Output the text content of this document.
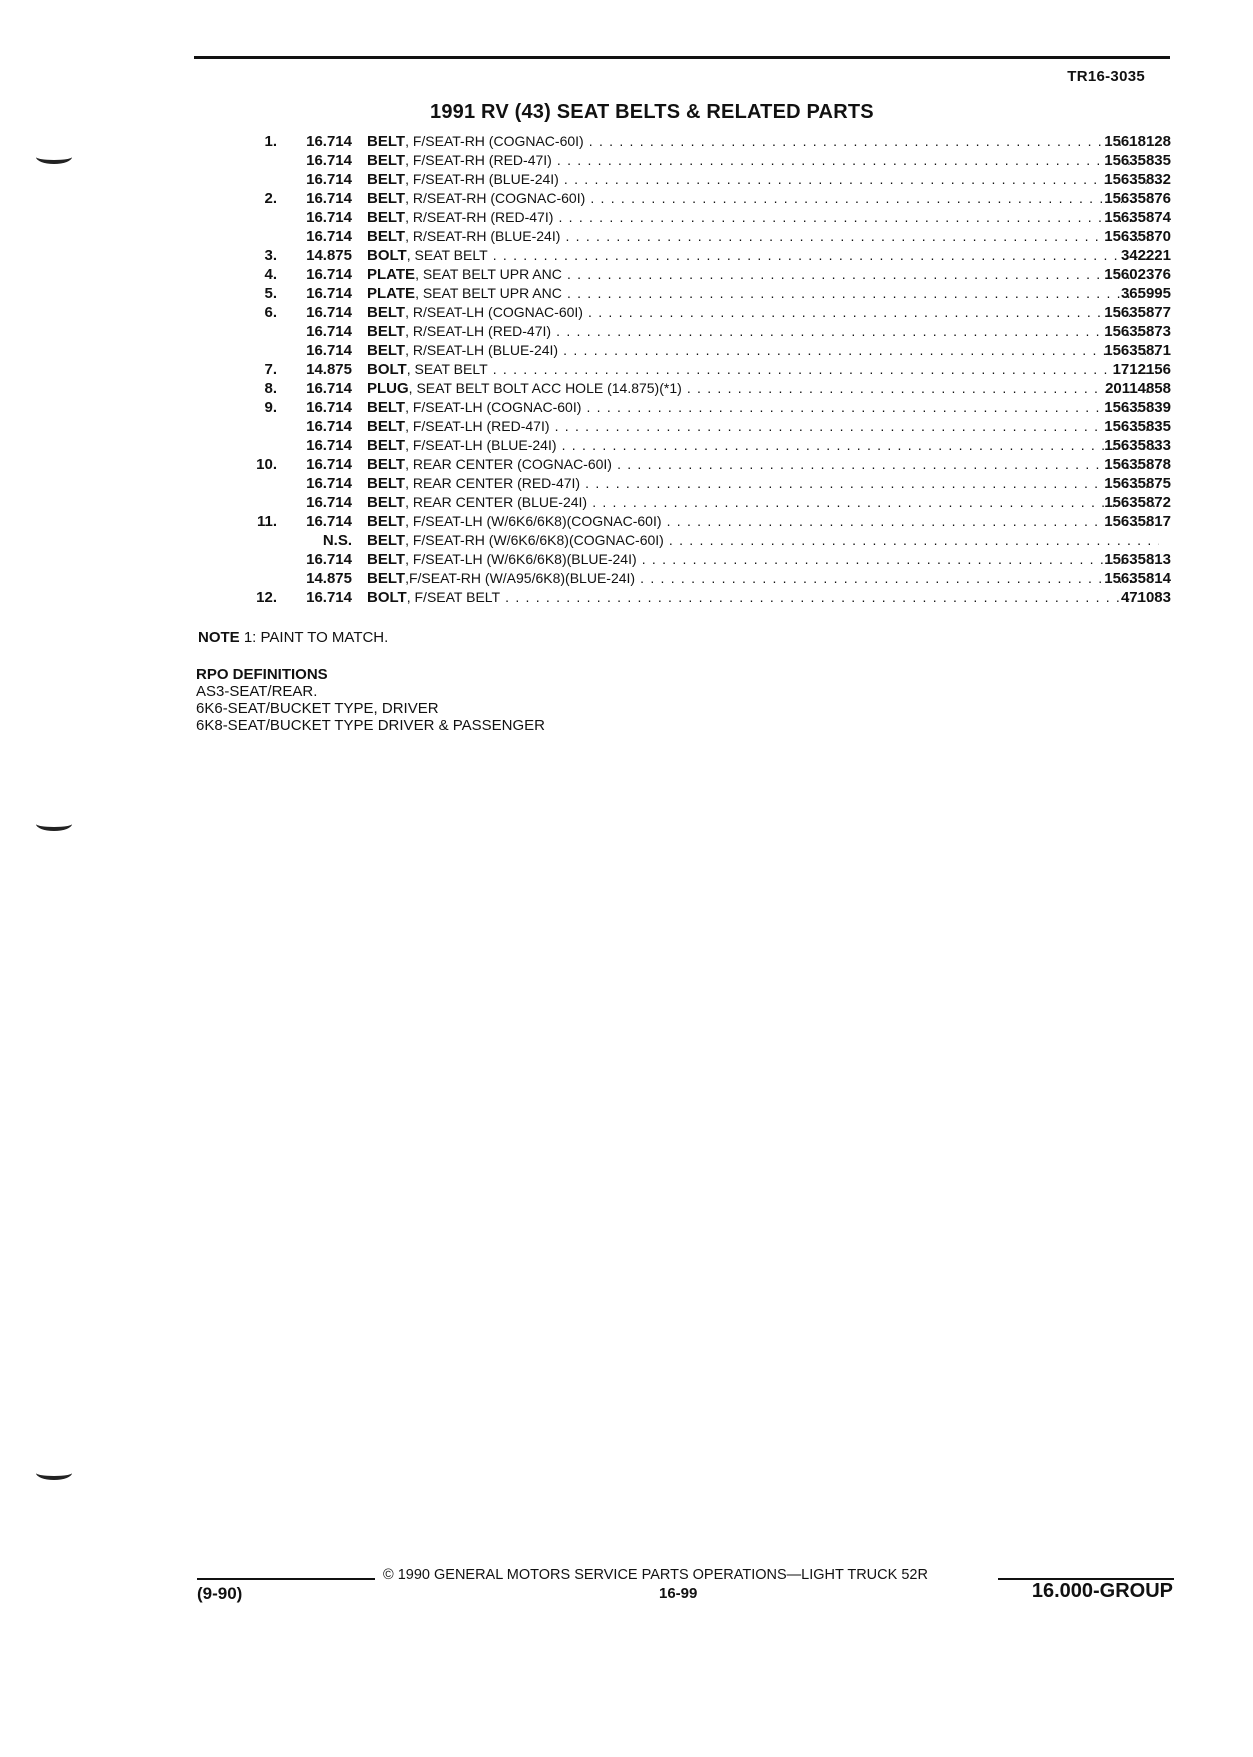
TR16-3035
1991 RV (43) SEAT BELTS & RELATED PARTS
1.	16.714 BELT, F/SEAT-RH (COGNAC-60I) . . .	15618128
16.714 BELT, F/SEAT-RH (RED-47I) . . .	15635835
16.714 BELT, F/SEAT-RH (BLUE-24I) . . .	15635832
2.	16.714 BELT, R/SEAT-RH (COGNAC-60I) . . .	15635876
16.714 BELT, R/SEAT-RH (RED-47I) . . .	15635874
16.714 BELT, R/SEAT-RH (BLUE-24I) . . .	15635870
3.	14.875 BOLT, SEAT BELT . . .	342221
4.	16.714 PLATE, SEAT BELT UPR ANC . . .	15602376
5.	16.714 PLATE, SEAT BELT UPR ANC . . .	365995
6.	16.714 BELT, R/SEAT-LH (COGNAC-60I) . . .	15635877
16.714 BELT, R/SEAT-LH (RED-47I) . . .	15635873
16.714 BELT, R/SEAT-LH (BLUE-24I) . . .	15635871
7.	14.875 BOLT, SEAT BELT . . .	1712156
8.	16.714 PLUG, SEAT BELT BOLT ACC HOLE (14.875)(*1) . . .	20114858
9.	16.714 BELT, F/SEAT-LH (COGNAC-60I) . . .	15635839
16.714 BELT, F/SEAT-LH (RED-47I) . . .	15635835
16.714 BELT, F/SEAT-LH (BLUE-24I) . . .	15635833
10.	16.714 BELT, REAR CENTER (COGNAC-60I) . . .	15635878
16.714 BELT, REAR CENTER (RED-47I) . . .	15635875
16.714 BELT, REAR CENTER (BLUE-24I) . . .	15635872
11.	16.714 BELT, F/SEAT-LH (W/6K6/6K8)(COGNAC-60I) . . .	15635817
N.S. BELT, F/SEAT-RH (W/6K6/6K8)(COGNAC-60I) . . .
16.714 BELT, F/SEAT-LH (W/6K6/6K8)(BLUE-24I) . . .	15635813
14.875 BELT,F/SEAT-RH (W/A95/6K8)(BLUE-24I) . . .	15635814
12.	16.714 BOLT, F/SEAT BELT . . .	471083
NOTE 1: PAINT TO MATCH.
RPO DEFINITIONS
AS3-SEAT/REAR.
6K6-SEAT/BUCKET TYPE, DRIVER
6K8-SEAT/BUCKET TYPE DRIVER & PASSENGER
(9-90)
© 1990 GENERAL MOTORS SERVICE PARTS OPERATIONS—LIGHT TRUCK 52R
16-99	16.000-GROUP
